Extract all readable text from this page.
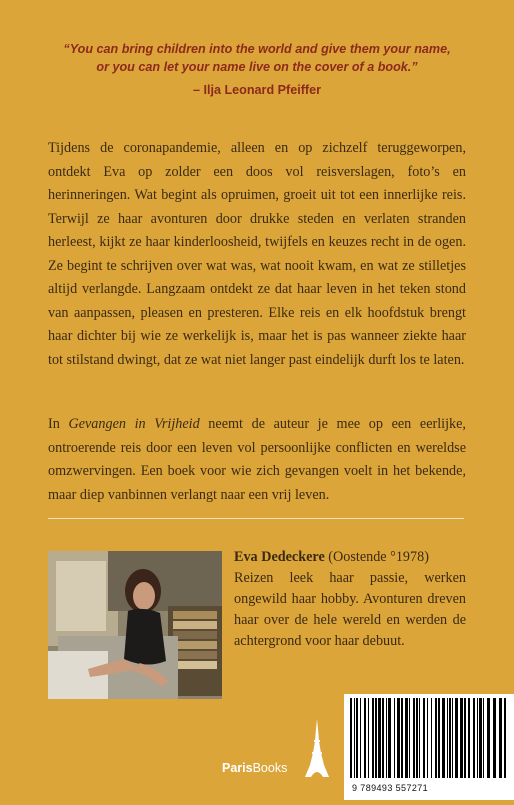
“You can bring children into the world and give them your name,
or you can let your name live on the cover of a book.”
– Ilja Leonard Pfeiffer
Tijdens de coronapandemie, alleen en op zichzelf teruggeworpen, ontdekt Eva op zolder een doos vol reisverslagen, foto’s en herinneringen. Wat begint als opruimen, groeit uit tot een innerlijke reis. Terwijl ze haar avonturen door drukke steden en verlaten stranden herleest, kijkt ze haar kinderloosheid, twijfels en keuzes recht in de ogen. Ze begint te schrijven over wat was, wat nooit kwam, en wat ze stilletjes altijd verlangde. Langzaam ontdekt ze dat haar leven in het teken stond van aanpassen, pleasen en presteren. Elke reis en elk hoofdstuk brengt haar dichter bij wie ze werkelijk is, maar het is pas wanneer ziekte haar tot stilstand dwingt, dat ze wat niet langer past eindelijk durft los te laten.
In Gevangen in Vrijheid neemt de auteur je mee op een eerlijke, ontroerende reis door een leven vol persoonlijke conflicten en wereldse omzwervingen. Een boek voor wie zich gevangen voelt in het bekende, maar diep vanbinnen verlangt naar een vrij leven.
Eva Dedeckere (Oostende °1978)
Reizen leek haar passie, werken ongewild haar hobby. Avonturen dreven haar over de hele wereld en werden de achtergrond voor haar debuut.
ParisBooks
9 789493 557271
